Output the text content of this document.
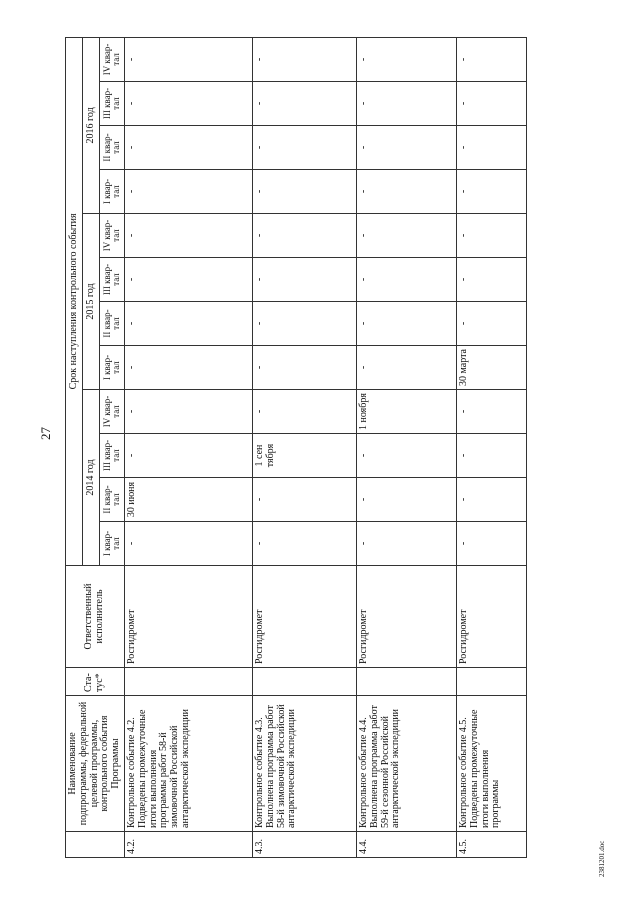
27
2381201.doc
	Наименование подпрограммы, федеральной целевой программы, контрольного события Программы	Ста-тус*	Ответственный исполнитель	Срок наступления контрольного события											
				2014 год				2015 год				2016 год			
				I квар-тал	II квар-тал	III квар-тал	IV квар-тал	I квар-тал	II квар-тал	III квар-тал	IV квар-тал	I квар-тал	II квар-тал	III квар-тал	IV квар-тал
4.2.	Контрольное событие 4.2. Подведены промежуточные итоги выполнения программы работ 58-й зимовочной Российской антарктической экспедиции		Росгидромет	-	30 июня	-	-	-	-	-	-	-	-	-	-
4.3.	Контрольное событие 4.3. Выполнена программа работ 58-й зимовочной Российской антарктической экспедиции		Росгидромет	-	-	1 сен тября	-	-	-	-	-	-	-	-	-
4.4.	Контрольное событие 4.4. Выполнена программа работ 59-й сезонной Российской антарктической экспедиции		Росгидромет	-	-	-	1 ноября	-	-	-	-	-	-	-	-
4.5.	Контрольное событие 4.5. Подведены промежуточные итоги выполнения программы		Росгидромет	-	-	-	-	30 марта	-	-	-	-	-	-	-
